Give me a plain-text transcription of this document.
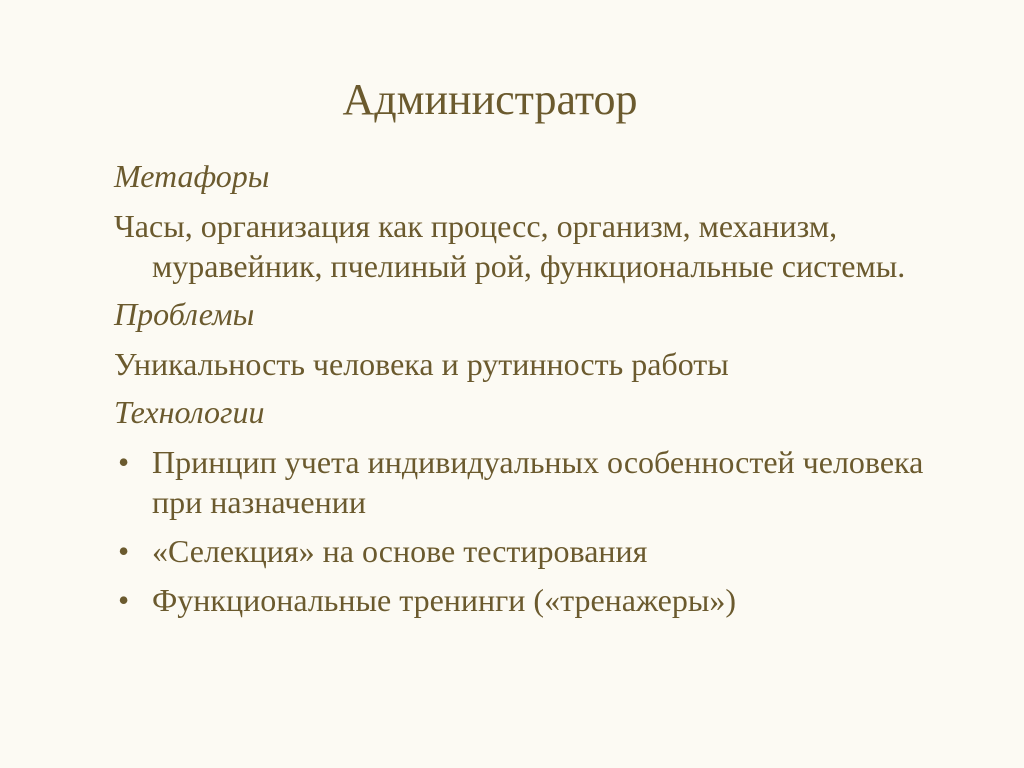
Администратор
Метафоры
Часы, организация как процесс, организм, механизм, муравейник, пчелиный рой, функциональные системы.
Проблемы
Уникальность человека и рутинность работы
Технологии
• Принцип учета индивидуальных особенностей человека при назначении
• «Селекция» на основе тестирования
• Функциональные тренинги («тренажеры»)
